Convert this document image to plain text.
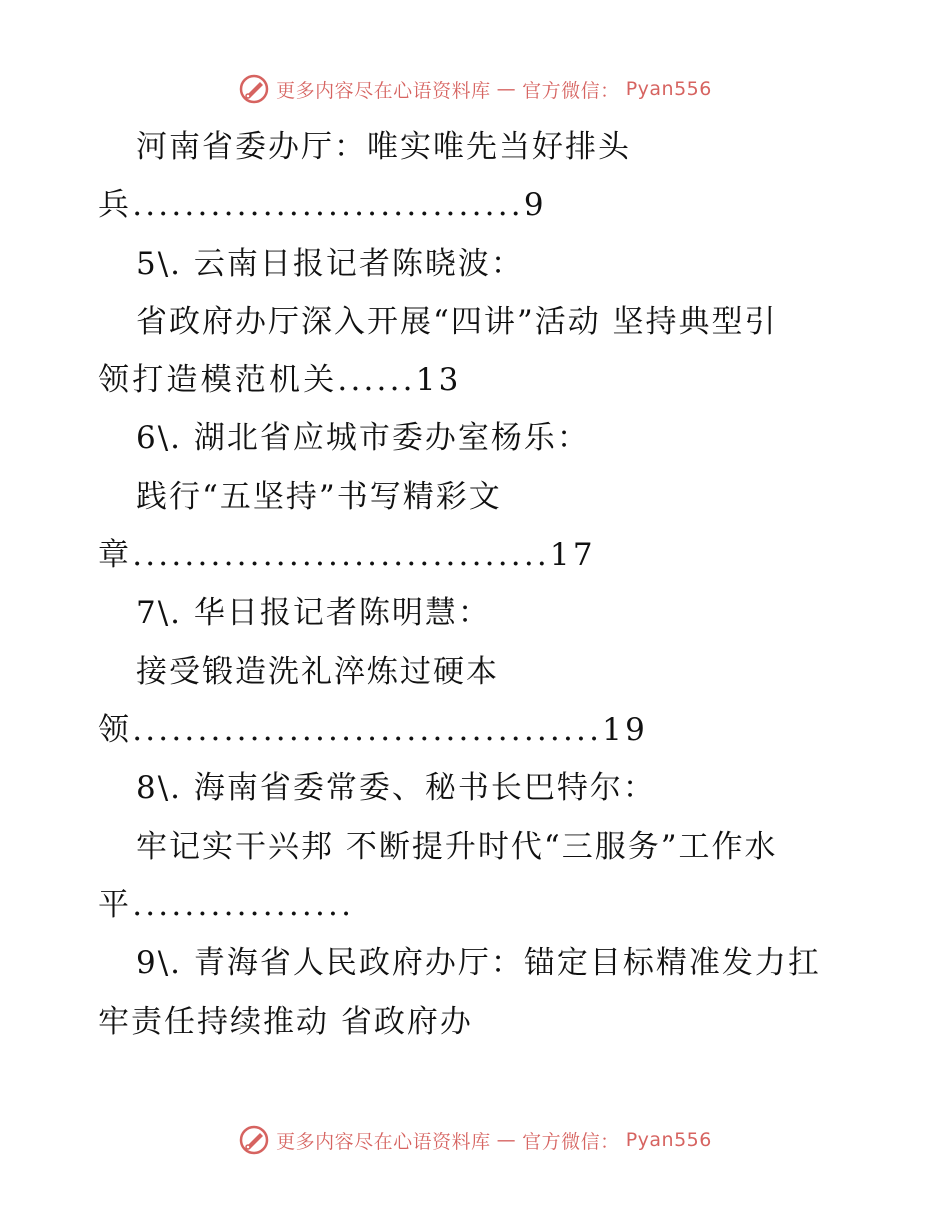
更多内容尽在心语资料库 — 官方微信： Pyan556
河南省委办厅：唯实唯先当好排头
兵..............................9
5\. 云南日报记者陈晓波：
省政府办厅深入开展“四讲”活动 坚持典型引
领打造模范机关......13
6\. 湖北省应城市委办室杨乐：
践行“五坚持”书写精彩文
章................................17
7\. 华日报记者陈明慧：
接受锻造洗礼淬炼过硬本
领....................................19
8\. 海南省委常委、秘书长巴特尔：
牢记实干兴邦 不断提升时代“三服务”工作水
平.................
9\. 青海省人民政府办厅：锚定目标精准发力扛
牢责任持续推动 省政府办
更多内容尽在心语资料库 — 官方微信： Pyan556
